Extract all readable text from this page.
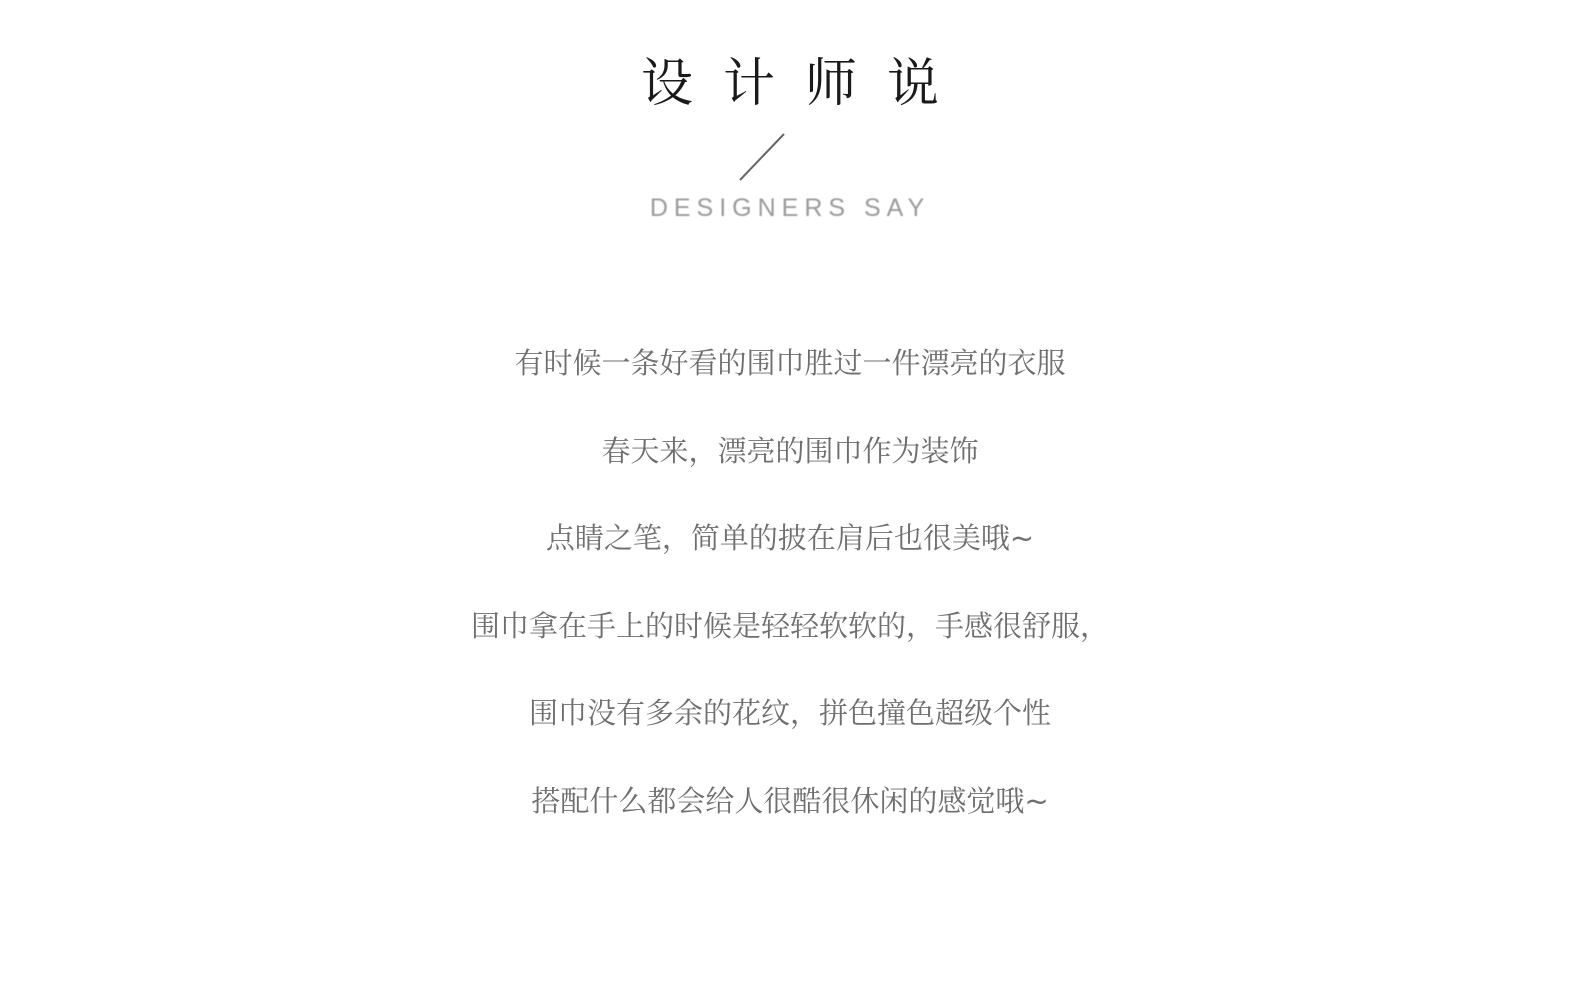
设计师说
DESIGNERS SAY
有时候一条好看的围巾胜过一件漂亮的衣服
春天来，漂亮的围巾作为装饰
点睛之笔，简单的披在肩后也很美哦~
围巾拿在手上的时候是轻轻软软的，手感很舒服，
围巾没有多余的花纹，拼色撞色超级个性
搭配什么都会给人很酷很休闲的感觉哦~
